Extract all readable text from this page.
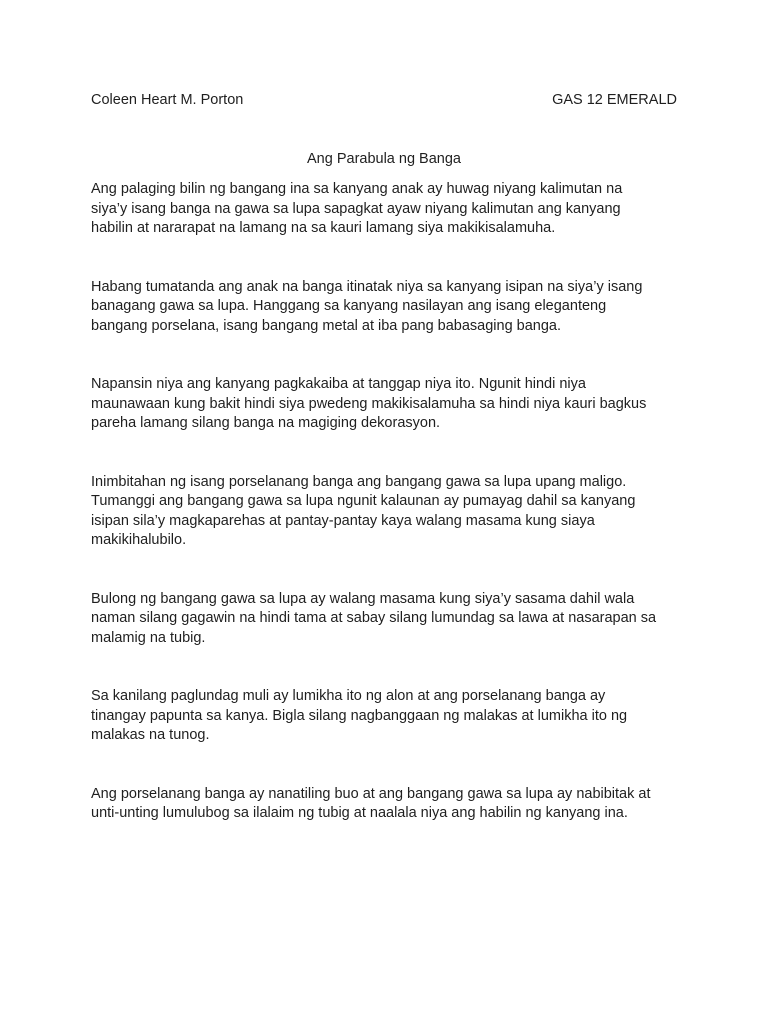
Coleen Heart M. Porton	GAS 12 EMERALD
Ang Parabula ng Banga

Ang palaging bilin ng bangang ina sa kanyang anak ay huwag niyang kalimutan na
siya’y isang banga na gawa sa lupa sapagkat ayaw niyang kalimutan ang kanyang
habilin at nararapat na lamang na sa kauri lamang siya makikisalamuha.

Habang tumatanda ang anak na banga itinatak niya sa kanyang isipan na siya’y isang
banagang gawa sa lupa. Hanggang sa kanyang nasilayan ang isang eleganteng
bangang porselana, isang bangang metal at iba pang babasaging banga.

Napansin niya ang kanyang pagkakaiba at tanggap niya ito. Ngunit hindi niya
maunawaan kung bakit hindi siya pwedeng makikisalamuha sa hindi niya kauri bagkus
pareha lamang silang banga na magiging dekorasyon.

Inimbitahan ng isang porselanang banga ang bangang gawa sa lupa upang maligo.
Tumanggi ang bangang gawa sa lupa ngunit kalaunan ay pumayag dahil sa kanyang
isipan sila’y magkaparehas at pantay-pantay kaya walang masama kung siaya
makikihalubilo.

Bulong ng bangang gawa sa lupa ay walang masama kung siya’y sasama dahil wala
naman silang gagawin na hindi tama at sabay silang lumundag sa lawa at nasarapan sa
malamig na tubig.

Sa kanilang paglundag muli ay lumikha ito ng alon at ang porselanang banga ay
tinangay papunta sa kanya. Bigla silang nagbanggaan ng malakas at lumikha ito ng
malakas na tunog.

Ang porselanang banga ay nanatiling buo at ang bangang gawa sa lupa ay nabibitak at
unti-unting lumulubog sa ilalaim ng tubig at naalala niya ang habilin ng kanyang ina.
